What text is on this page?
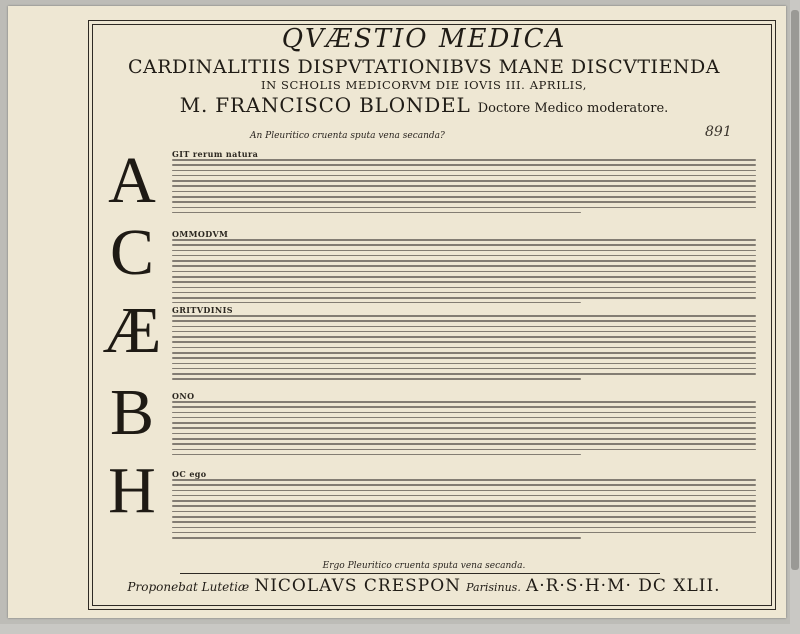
QVÆSTIO MEDICA
CARDINALITIIS DISPVTATIONIBVS MANE DISCVTIENDA
IN SCHOLIS MEDICORVM DIE IOVIS III. APRILIS,
M. FRANCISCO BLONDEL Doctore Medico moderatore.
An Pleuritico cruenta sputa vena secanda?	891
A
C
Æ
B
H
GIT rerum natura
OMMODVM
GRITVDINIS
ONO
OC ego
Ergo Pleuritico cruenta sputa vena secanda.
Proponebat Lutetiæ NICOLAVS CRESPON Parisinus. A·R·S·H·M· DC XLII.
